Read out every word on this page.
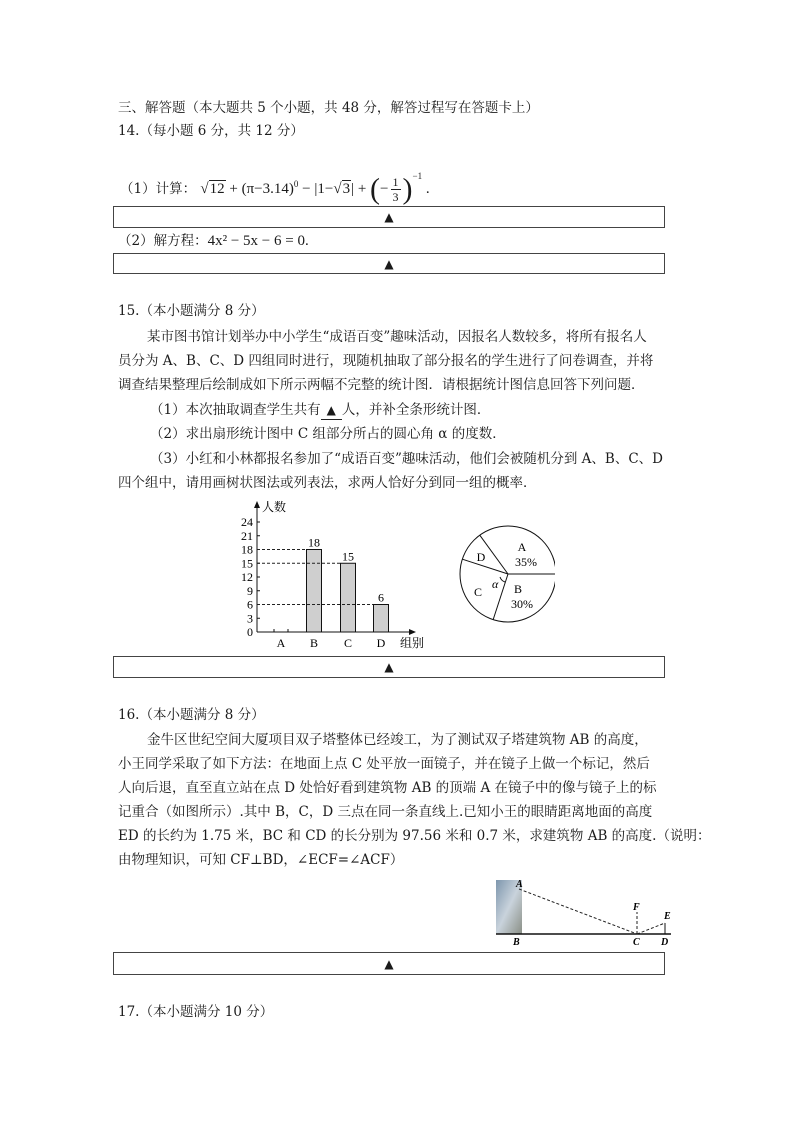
三、解答题（本大题共 5 个小题，共 48 分，解答过程写在答题卡上）
14.（每小题 6 分，共 12 分）
（1）计算： $√12 + (\pi-3.14)^0 - |1-√3|$ + (− $\frac{1}{3} )^{-1}$ .
▲
（2）解方程：4x² − 5x − 6 = 0.
▲
15.（本小题满分 8 分）
某市图书馆计划举办中小学生“成语百变”趣味活动，因报名人数较多，将所有报名人
员分为 A、B、C、D 四组同时进行，现随机抽取了部分报名的学生进行了问卷调查，并将
调查结果整理后绘制成如下所示两幅不完整的统计图．请根据统计图信息回答下列问题．
（1）本次抽取调查学生共有 ▲ 人，并补全条形统计图．
（2）求出扇形统计图中 C 组部分所占的圆心角 α 的度数．
（3）小红和小林都报名参加了“成语百变”趣味活动，他们会被随机分到 A、B、C、D
四个组中，请用画树状图法或列表法，求两人恰好分到同一组的概率．
人数
组别
0
3
6
9
12
15
18
21
24
A B
18
C
15
D
6
A
35%
B
30%
C
D
α
▲
16.（本小题满分 8 分）
金牛区世纪空间大厦项目双子塔整体已经竣工，为了测试双子塔建筑物 AB 的高度，
小王同学采取了如下方法：在地面上点 C 处平放一面镜子，并在镜子上做一个标记，然后
人向后退，直至直立站在点 D 处恰好看到建筑物 AB 的顶端 A 在镜子中的像与镜子上的标
记重合（如图所示）.其中 B，C，D 三点在同一条直线上.已知小王的眼睛距离地面的高度
ED 的长约为 1.75 米，BC 和 CD 的长分别为 97.56 米和 0.7 米，求建筑物 AB 的高度.（说明：
由物理知识，可知 CF⊥BD，∠ECF=∠ACF）
A
B	C D
E
F
▲
17.（本小题满分 10 分）
